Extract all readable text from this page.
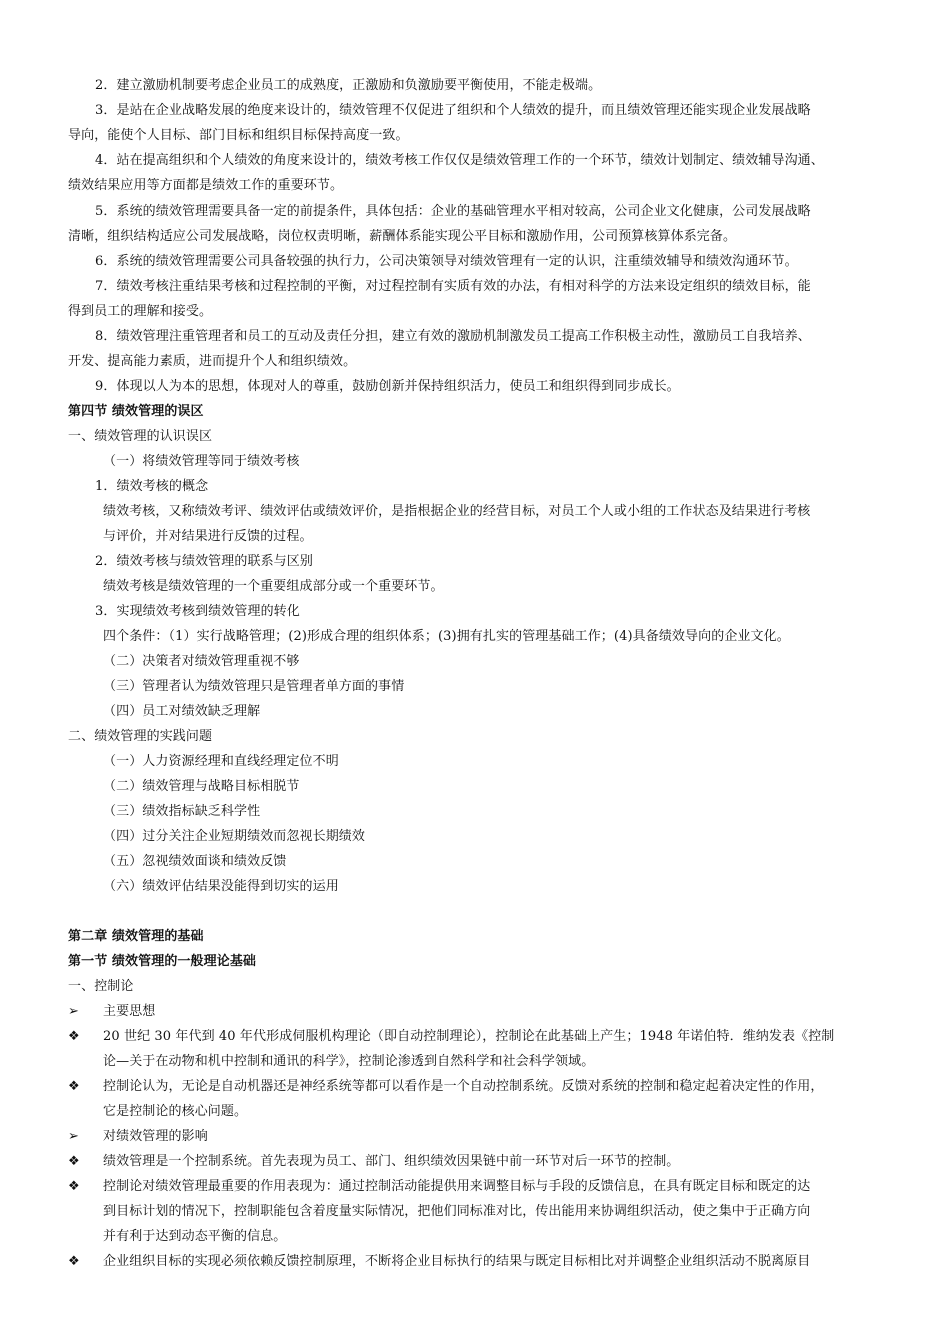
2．建立激励机制要考虑企业员工的成熟度，正激励和负激励要平衡使用，不能走极端。
3．是站在企业战略发展的绝度来设计的，绩效管理不仅促进了组织和个人绩效的提升，而且绩效管理还能实现企业发展战略
导向，能使个人目标、部门目标和组织目标保持高度一致。
4．站在提高组织和个人绩效的角度来设计的，绩效考核工作仅仅是绩效管理工作的一个环节，绩效计划制定、绩效辅导沟通、
绩效结果应用等方面都是绩效工作的重要环节。
5．系统的绩效管理需要具备一定的前提条件，具体包括：企业的基础管理水平相对较高，公司企业文化健康，公司发展战略
清晰，组织结构适应公司发展战略，岗位权责明晰，薪酬体系能实现公平目标和激励作用，公司预算核算体系完备。
6．系统的绩效管理需要公司具备较强的执行力，公司决策领导对绩效管理有一定的认识，注重绩效辅导和绩效沟通环节。
7．绩效考核注重结果考核和过程控制的平衡，对过程控制有实质有效的办法，有相对科学的方法来设定组织的绩效目标，能
得到员工的理解和接受。
8．绩效管理注重管理者和员工的互动及责任分担，建立有效的激励机制激发员工提高工作积极主动性，激励员工自我培养、
开发、提高能力素质，进而提升个人和组织绩效。
9．体现以人为本的思想，体现对人的尊重，鼓励创新并保持组织活力，使员工和组织得到同步成长。
第四节 绩效管理的误区
一、绩效管理的认识误区
（一）将绩效管理等同于绩效考核
1．绩效考核的概念
绩效考核，又称绩效考评、绩效评估或绩效评价，是指根据企业的经营目标，对员工个人或小组的工作状态及结果进行考核
与评价，并对结果进行反馈的过程。
2．绩效考核与绩效管理的联系与区别
绩效考核是绩效管理的一个重要组成部分或一个重要环节。
3．实现绩效考核到绩效管理的转化
四个条件：（1）实行战略管理；(2)形成合理的组织体系；(3)拥有扎实的管理基础工作；(4)具备绩效导向的企业文化。
（二）决策者对绩效管理重视不够
（三）管理者认为绩效管理只是管理者单方面的事情
（四）员工对绩效缺乏理解
二、绩效管理的实践问题
（一）人力资源经理和直线经理定位不明
（二）绩效管理与战略目标相脱节
（三）绩效指标缺乏科学性
（四）过分关注企业短期绩效而忽视长期绩效
（五）忽视绩效面谈和绩效反馈
（六）绩效评估结果没能得到切实的运用
第二章 绩效管理的基础
第一节 绩效管理的一般理论基础
一、控制论
➢ 主要思想
❖ 20 世纪 30 年代到 40 年代形成伺服机构理论（即自动控制理论），控制论在此基础上产生；1948 年诺伯特．维纳发表《控制
论—关于在动物和机中控制和通讯的科学》，控制论渗透到自然科学和社会科学领域。
❖ 控制论认为，无论是自动机器还是神经系统等都可以看作是一个自动控制系统。反馈对系统的控制和稳定起着决定性的作用，
它是控制论的核心问题。
➢ 对绩效管理的影响
❖ 绩效管理是一个控制系统。首先表现为员工、部门、组织绩效因果链中前一环节对后一环节的控制。
❖ 控制论对绩效管理最重要的作用表现为：通过控制活动能提供用来调整目标与手段的反馈信息，在具有既定目标和既定的达
到目标计划的情况下，控制职能包含着度量实际情况，把他们同标准对比，传出能用来协调组织活动，使之集中于正确方向
并有利于达到动态平衡的信息。
❖ 企业组织目标的实现必须依赖反馈控制原理，不断将企业目标执行的结果与既定目标相比对并调整企业组织活动不脱离原目
